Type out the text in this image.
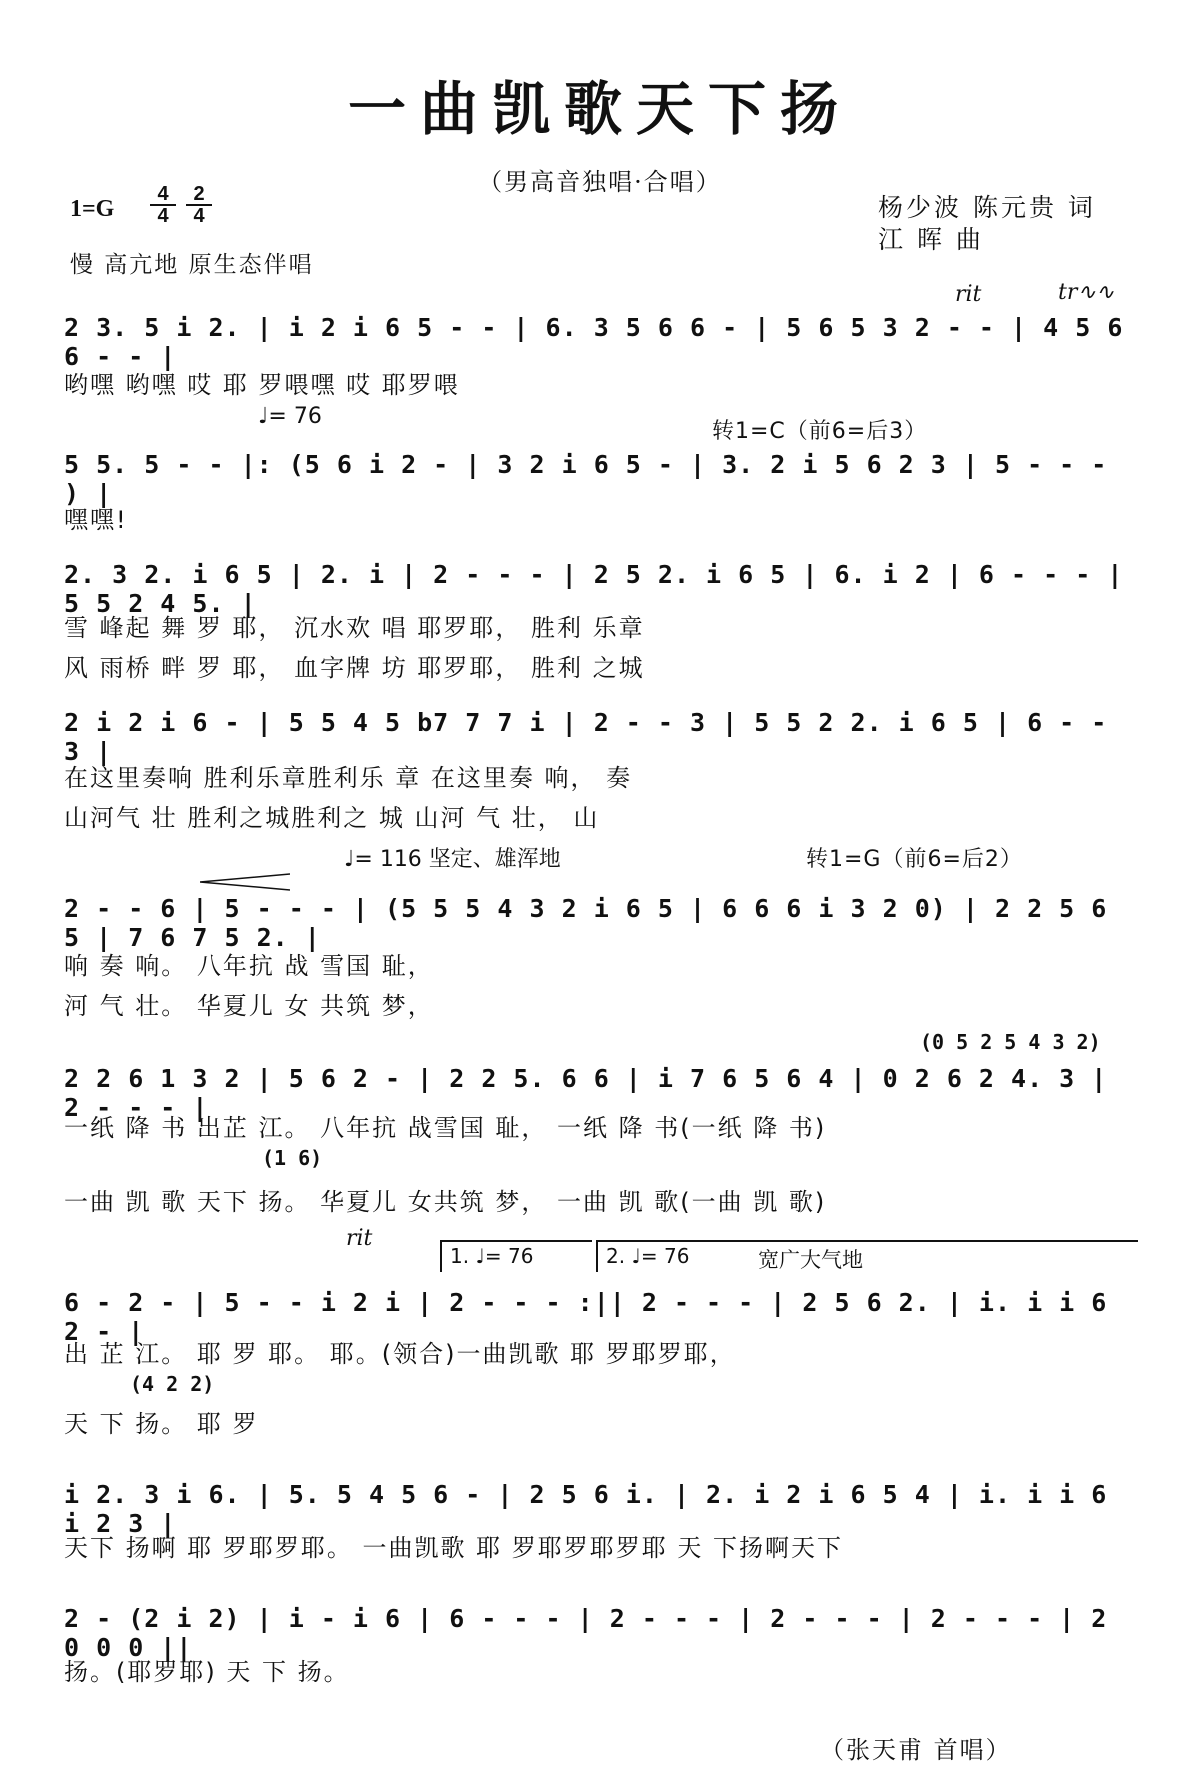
一曲凯歌天下扬
（男高音独唱·合唱）
杨少波 陈元贵 词
江 晖 曲
1=G
4
4
2
4
慢 高亢地 原生态伴唱
rit	tr∿∿
2 3. 5 i 2. | i 2 i 6 5 - - | 6. 3 5 6 6 - | 5 6 5 3 2 - - | 4 5 6 6 - - |
哟嘿 哟嘿 哎 耶 罗喂嘿 哎 耶罗喂
♩= 76
转1=C（前6=后3）
5 5. 5 - - |: (5 6 i 2 - | 3 2 i 6 5 - | 3. 2 i 5 6 2 3 | 5 - - - ) |
嘿嘿!
2. 3 2. i 6 5 | 2. i | 2 - - - | 2 5 2. i 6 5 | 6. i 2 | 6 - - - | 5 5 2 4 5. |
雪 峰起 舞 罗 耶， 沉水欢 唱 耶罗耶， 胜利 乐章
风 雨桥 畔 罗 耶， 血字牌 坊 耶罗耶， 胜利 之城
2 i 2 i 6 - | 5 5 4 5 b7 7 7 i | 2 - - 3 | 5 5 2 2. i 6 5 | 6 - - 3 |
在这里奏响 胜利乐章胜利乐 章 在这里奏 响， 奏
山河气 壮 胜利之城胜利之 城 山河 气 壮， 山
♩= 116 坚定、雄浑地	转1=G（前6=后2）
2 - - 6 | 5 - - - | (5 5 5 4 3 2 i 6 5 | 6 6 6 i 3 2 0) | 2 2 5 6 5 | 7 6 7 5 2. |
响 奏 响。 八年抗 战 雪国 耻，
河 气 壮。 华夏儿 女 共筑 梦，
(0 5 2 5 4 3 2)
2 2 6 1 3 2 | 5 6 2 - | 2 2 5. 6 6 | i 7 6 5 6 4 | 0 2 6 2 4. 3 | 2 - - - |
一纸 降 书 出芷 江。 八年抗 战雪国 耻， 一纸 降 书(一纸 降 书)
(1 6)
一曲 凯 歌 天下 扬。 华夏儿 女共筑 梦， 一曲 凯 歌(一曲 凯 歌)
rit
1. ♩= 76	2. ♩= 76	宽广大气地
6 - 2 - | 5 - - i 2 i | 2 - - - :|| 2 - - - | 2 5 6 2. | i. i i 6 2 - |
出 芷 江。 耶 罗 耶。 耶。(领合)一曲凯歌 耶 罗耶罗耶，
(4 2 2)
天 下 扬。 耶 罗
i 2. 3 i 6. | 5. 5 4 5 6 - | 2 5 6 i. | 2. i 2 i 6 5 4 | i. i i 6 i 2 3 |
天下 扬啊 耶 罗耶罗耶。 一曲凯歌 耶 罗耶罗耶罗耶 天 下扬啊天下
2 - (2 i 2) | i - i 6 | 6 - - - | 2 - - - | 2 - - - | 2 - - - | 2 0 0 0 ||
扬。(耶罗耶) 天 下 扬。
（张天甫 首唱）
